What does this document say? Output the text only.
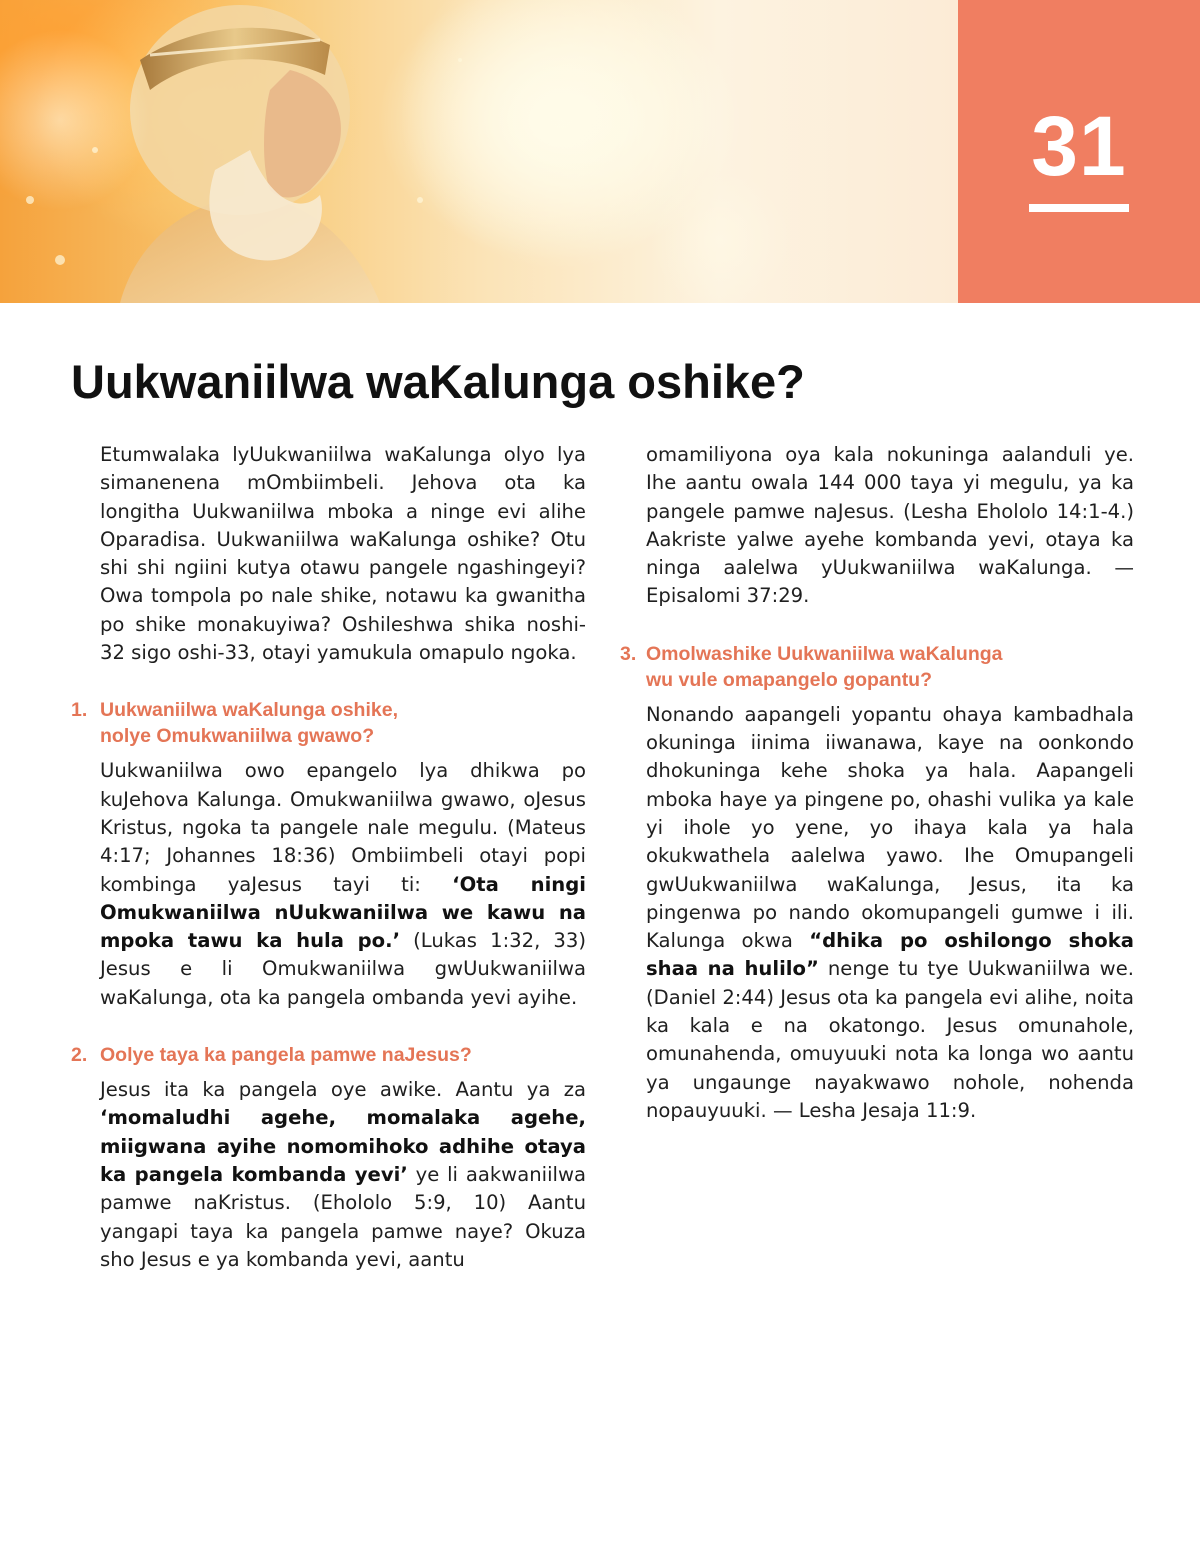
31
Uukwaniilwa waKalunga oshike?

Etumwalaka lyUukwaniilwa waKalunga olyo lya simanenena mOmbiimbeli. Jehova ota ka longitha Uukwaniilwa mboka a ninge evi alihe Oparadisa. Uukwaniilwa waKalunga oshike? Otu shi shi ngiini kutya otawu pangele ngashingeyi? Owa tompola po nale shike, notawu ka gwanitha po shike monakuyiwa? Oshileshwa shika noshi-32 sigo oshi-33, otayi yamukula omapulo ngoka.

1. Uukwaniilwa waKalunga oshike,
nolye Omukwaniilwa gwawo?

Uukwaniilwa owo epangelo lya dhikwa po kuJehova Kalunga. Omukwaniilwa gwawo, oJesus Kristus, ngoka ta pangele nale megulu. (Mateus 4:17; Johannes 18:36) Ombiimbeli otayi popi kombinga yaJesus tayi ti: ‘Ota ningi Omukwaniilwa nUukwaniilwa we kawu na mpoka tawu ka hula po.’ (Lukas 1:32, 33) Jesus e li Omukwaniilwa gwUukwaniilwa waKalunga, ota ka pangela ombanda yevi ayihe.

2. Oolye taya ka pangela pamwe naJesus?

Jesus ita ka pangela oye awike. Aantu ya za ‘momaludhi agehe, momalaka agehe, miigwana ayihe nomomihoko adhihe otaya ka pangela kombanda yevi’ ye li aakwaniilwa pamwe naKristus. (Ehololo 5:9, 10) Aantu yangapi taya ka pangela pamwe naye? Okuza sho Jesus e ya kombanda yevi, aantu

omamiliyona oya kala nokuninga aalanduli ye. Ihe aantu owala 144 000 taya yi megulu, ya ka pangele pamwe naJesus. (Lesha Ehololo 14:1-4.) Aakriste yalwe ayehe kombanda yevi, otaya ka ninga aalelwa yUukwaniilwa waKalunga. — Episalomi 37:29.

3. Omolwashike Uukwaniilwa waKalunga
wu vule omapangelo gopantu?

Nonando aapangeli yopantu ohaya kambadhala okuninga iinima iiwanawa, kaye na oonkondo dhokuninga kehe shoka ya hala. Aapangeli mboka haye ya pingene po, ohashi vulika ya kale yi ihole yo yene, yo ihaya kala ya hala okukwathela aalelwa yawo. Ihe Omupangeli gwUukwaniilwa waKalunga, Jesus, ita ka pingenwa po nando okomupangeli gumwe i ili. Kalunga okwa “dhika po oshilongo shoka shaa na hulilo” nenge tu tye Uukwaniilwa we. (Daniel 2:44) Jesus ota ka pangela evi alihe, noita ka kala e na okatongo. Jesus omunahole, omunahenda, omuyuuki nota ka longa wo aantu ya ungaunge nayakwawo nohole, nohenda nopauyuuki. — Lesha Jesaja 11:9.
